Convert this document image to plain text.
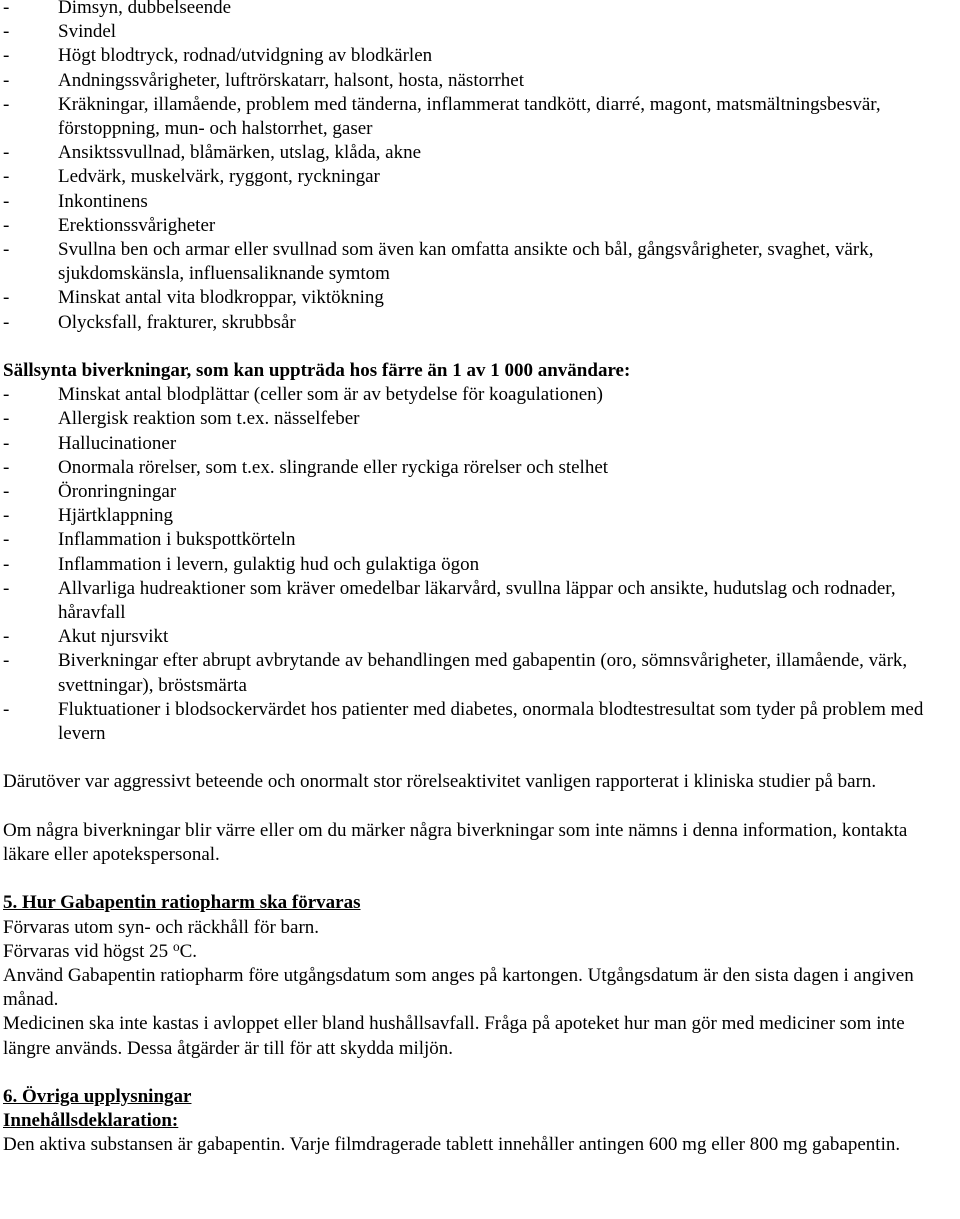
-	Dimsyn, dubbelseende
-	Svindel
-	Högt blodtryck, rodnad/utvidgning av blodkärlen
-	Andningssvårigheter, luftrörskatarr, halsont, hosta, nästorrhet
-	Kräkningar, illamående, problem med tänderna, inflammerat tandkött, diarré, magont, matsmältningsbesvär, förstoppning, mun- och halstorrhet, gaser
-	Ansiktssvullnad, blåmärken, utslag, klåda, akne
-	Ledvärk, muskelvärk, ryggont, ryckningar
-	Inkontinens
-	Erektionssvårigheter
-	Svullna ben och armar eller svullnad som även kan omfatta ansikte och bål, gångsvårigheter, svaghet, värk, sjukdomskänsla, influensaliknande symtom
-	Minskat antal vita blodkroppar, viktökning
-	Olycksfall, frakturer, skrubbsår
Sällsynta biverkningar, som kan uppträda hos färre än 1 av 1 000 användare:
-	Minskat antal blodplättar (celler som är av betydelse för koagulationen)
-	Allergisk reaktion som t.ex. nässelfeber
-	Hallucinationer
-	Onormala rörelser, som t.ex. slingrande eller ryckiga rörelser och stelhet
-	Öronringningar
-	Hjärtklappning
-	Inflammation i bukspottkörteln
-	Inflammation i levern, gulaktig hud och gulaktiga ögon
-	Allvarliga hudreaktioner som kräver omedelbar läkarvård, svullna läppar och ansikte, hudutslag och rodnader, håravfall
-	Akut njursvikt
-	Biverkningar efter abrupt avbrytande av behandlingen med gabapentin (oro, sömnsvårigheter, illamående, värk, svettningar), bröstsmärta
-	Fluktuationer i blodsockervärdet hos patienter med diabetes, onormala blodtestresultat som tyder på problem med levern

Därutöver var aggressivt beteende och onormalt stor rörelseaktivitet vanligen rapporterat i kliniska studier på barn.

Om några biverkningar blir värre eller om du märker några biverkningar som inte nämns i denna information, kontakta läkare eller apotekspersonal.

5. Hur Gabapentin ratiopharm ska förvaras
Förvaras utom syn- och räckhåll för barn.
Förvaras vid högst 25 $^o$C.
Använd Gabapentin ratiopharm före utgångsdatum som anges på kartongen. Utgångsdatum är den sista dagen i angiven månad.
Medicinen ska inte kastas i avloppet eller bland hushållsavfall. Fråga på apoteket hur man gör med mediciner som inte längre används. Dessa åtgärder är till för att skydda miljön.
6. Övriga upplysningar
Innehållsdeklaration:
Den aktiva substansen är gabapentin. Varje filmdragerade tablett innehåller antingen 600 mg eller 800 mg gabapentin.
